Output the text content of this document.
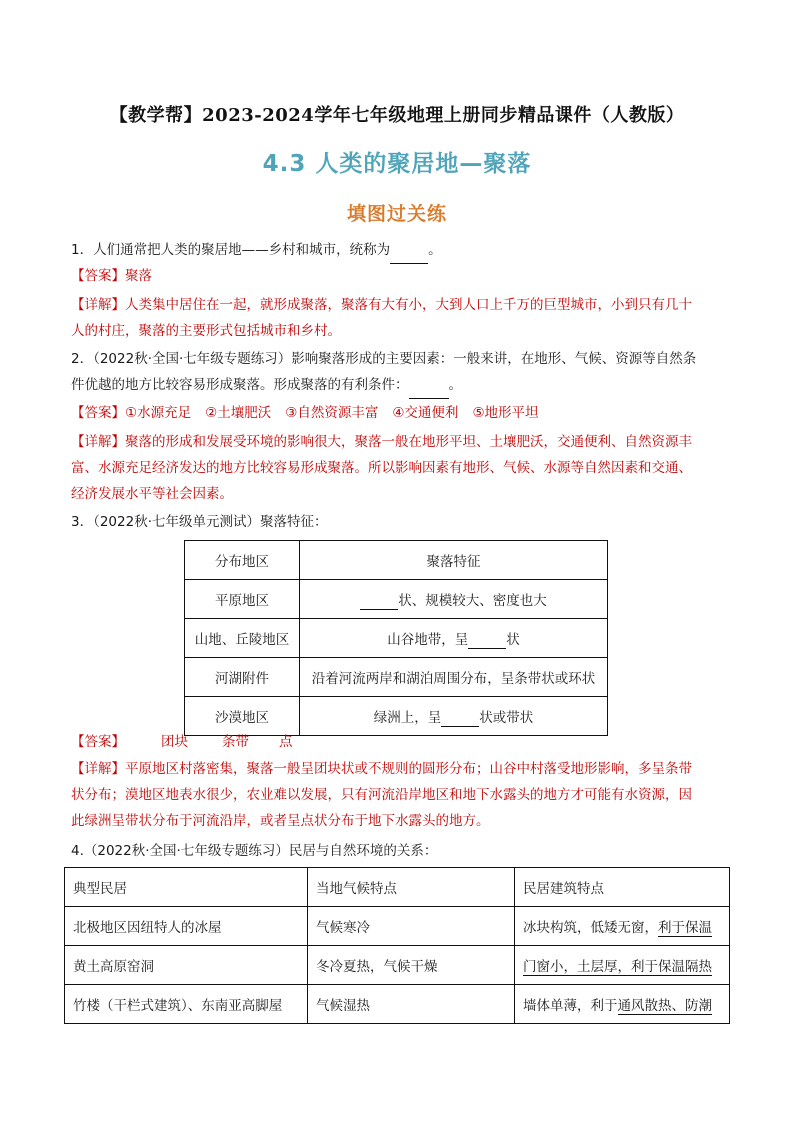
【教学帮】2023-2024学年七年级地理上册同步精品课件（人教版）
4.3 人类的聚居地—聚落
填图过关练
1．人们通常把人类的聚居地——乡村和城市，统称为	。
【答案】聚落
【详解】人类集中居住在一起，就形成聚落，聚落有大有小，大到人口上千万的巨型城市，小到只有几十
人的村庄，聚落的主要形式包括城市和乡村。
2．（2022秋·全国·七年级专题练习）影响聚落形成的主要因素：一般来讲，在地形、气候、资源等自然条
件优越的地方比较容易形成聚落。形成聚落的有利条件：	。
【答案】①水源充足 ②土壤肥沃 ③自然资源丰富 ④交通便利 ⑤地形平坦
【详解】聚落的形成和发展受环境的影响很大，聚落一般在地形平坦、土壤肥沃，交通便利、自然资源丰
富、水源充足经济发达的地方比较容易形成聚落。所以影响因素有地形、气候、水源等自然因素和交通、
经济发展水平等社会因素。
3．（2022秋·七年级单元测试）聚落特征：
分布地区	聚落特征
平原地区	状、规模较大、密度也大
山地、丘陵地区	山谷地带，呈 状
河湖附件	沿着河流两岸和湖泊周围分布，呈条带状或环状
沙漠地区	绿洲上，呈 状或带状
【答案】	团块	条带 点
【详解】平原地区村落密集，聚落一般呈团块状或不规则的圆形分布；山谷中村落受地形影响，多呈条带
状分布；漠地区地表水很少，农业难以发展，只有河流沿岸地区和地下水露头的地方才可能有水资源，因
此绿洲呈带状分布于河流沿岸，或者呈点状分布于地下水露头的地方。
4.（2022秋·全国·七年级专题练习）民居与自然环境的关系：
典型民居	当地气候特点	民居建筑特点
北极地区因纽特人的冰屋	气候寒冷	冰块构筑，低矮无窗，利于保温
黄土高原窑洞	冬冷夏热，气候干燥	门窗小，土层厚，利于保温隔热
竹楼（干栏式建筑）、东南亚高脚屋	气候湿热	墙体单薄，利于通风散热、防潮
